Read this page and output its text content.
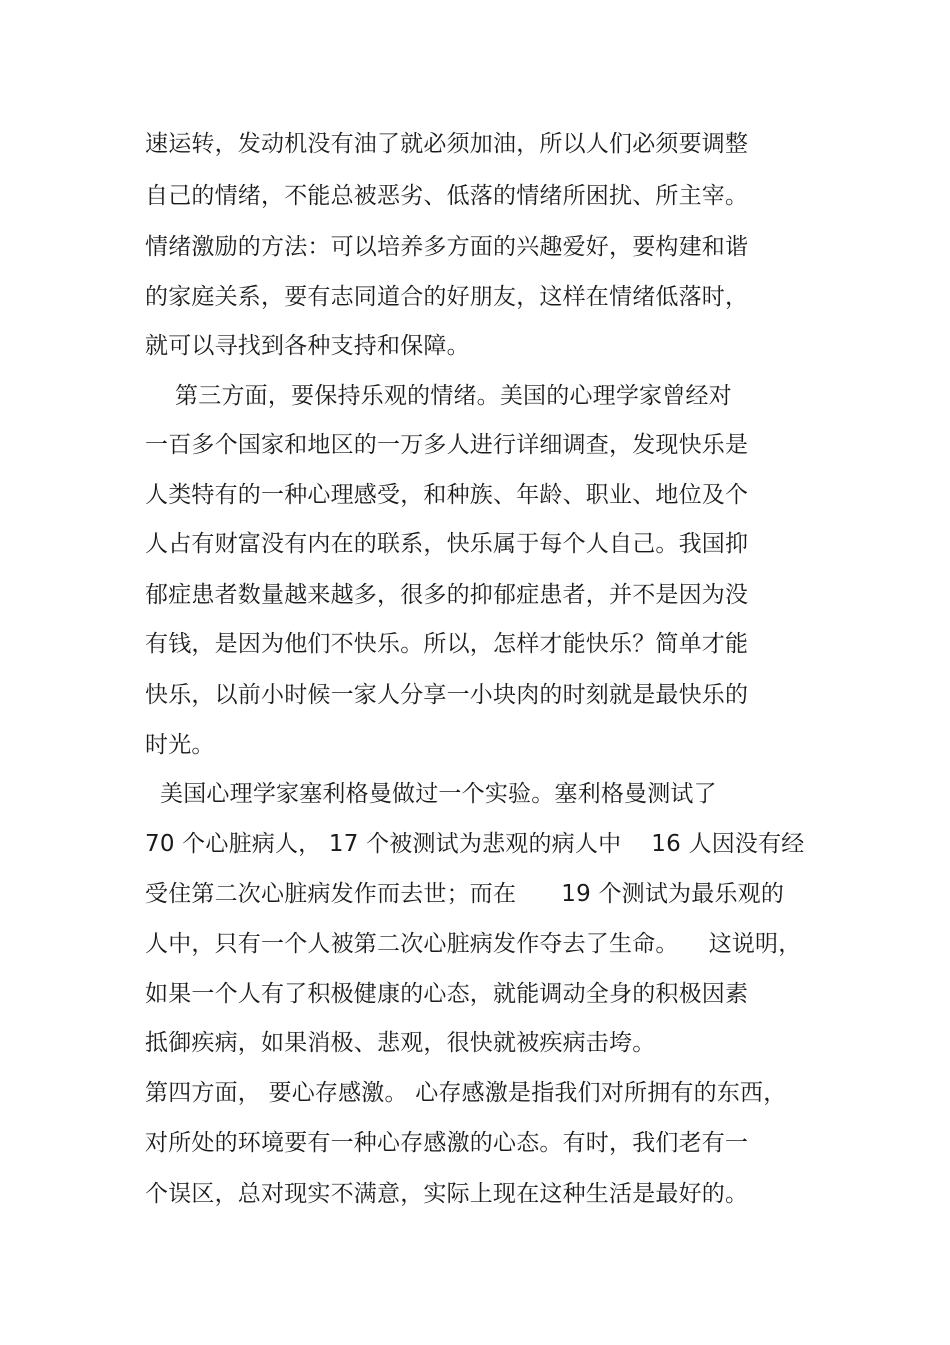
速运转，发动机没有油了就必须加油，所以人们必须要调整
自己的情绪，不能总被恶劣、低落的情绪所困扰、所主宰。
情绪激励的方法：可以培养多方面的兴趣爱好，要构建和谐
的家庭关系，要有志同道合的好朋友，这样在情绪低落时，
就可以寻找到各种支持和保障。
第三方面，要保持乐观的情绪。美国的心理学家曾经对
一百多个国家和地区的一万多人进行详细调查，发现快乐是
人类特有的一种心理感受，和种族、年龄、职业、地位及个
人占有财富没有内在的联系，快乐属于每个人自己。我国抑
郁症患者数量越来越多，很多的抑郁症患者，并不是因为没
有钱，是因为他们不快乐。所以，怎样才能快乐？简单才能
快乐，以前小时候一家人分享一小块肉的时刻就是最快乐的
时光。
美国心理学家塞利格曼做过一个实验。塞利格曼测试了
70 个心脏病人， 17 个被测试为悲观的病人中    16 人因没有经
受住第二次心脏病发作而去世；而在      19 个测试为最乐观的
人中，只有一个人被第二次心脏病发作夺去了生命。    这说明，
如果一个人有了积极健康的心态，就能调动全身的积极因素
抵御疾病，如果消极、悲观，很快就被疾病击垮。
第四方面， 要心存感激。 心存感激是指我们对所拥有的东西，
对所处的环境要有一种心存感激的心态。有时，我们老有一
个误区，总对现实不满意，实际上现在这种生活是最好的。
